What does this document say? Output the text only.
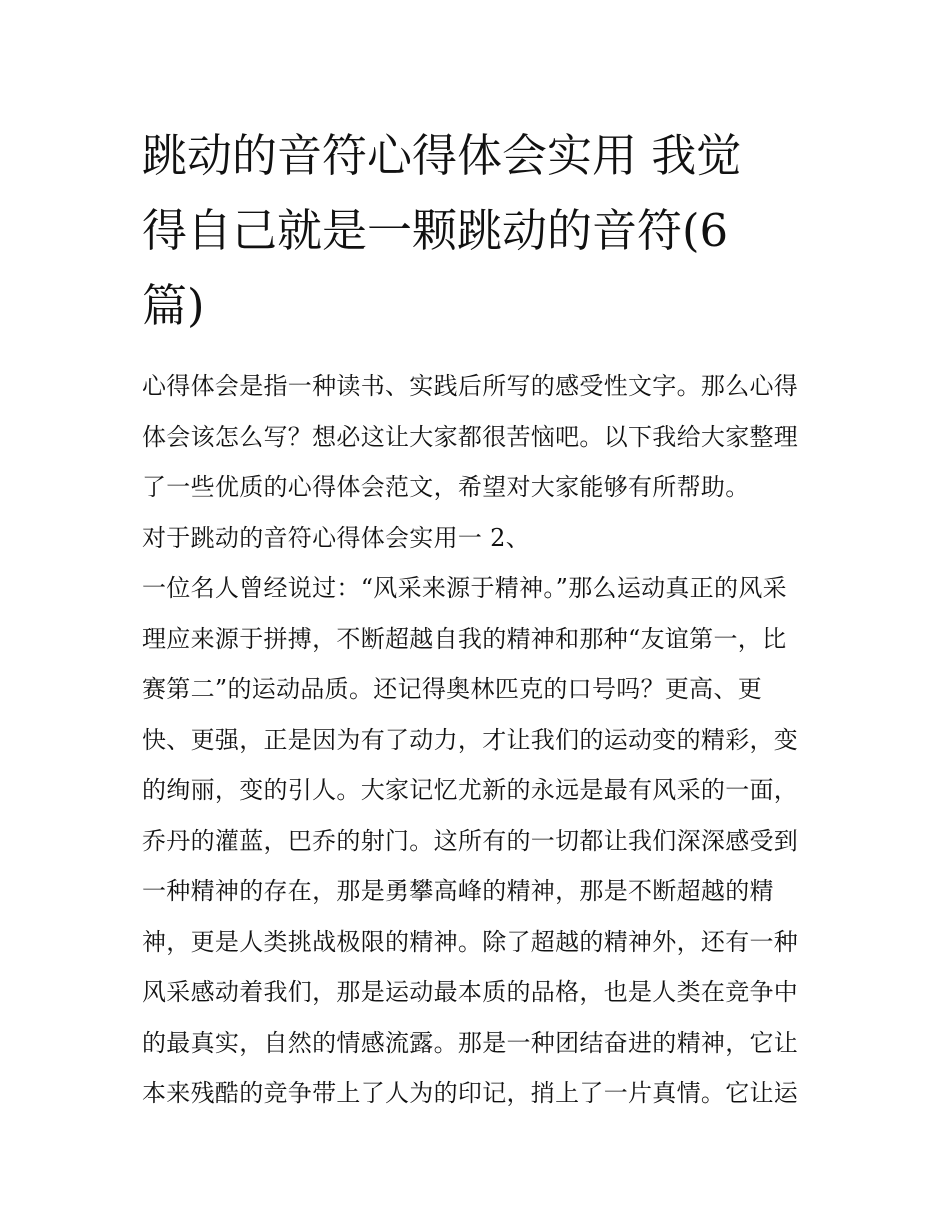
跳动的音符心得体会实用 我觉
得自己就是一颗跳动的音符(6
篇)
心得体会是指一种读书、实践后所写的感受性文字。那么心得
体会该怎么写？想必这让大家都很苦恼吧。以下我给大家整理
了一些优质的心得体会范文，希望对大家能够有所帮助。
对于跳动的音符心得体会实用一 2、
一位名人曾经说过：“风采来源于精神。”那么运动真正的风采
理应来源于拼搏，不断超越自我的精神和那种“友谊第一，比
赛第二”的运动品质。还记得奥林匹克的口号吗？更高、更
快、更强，正是因为有了动力，才让我们的运动变的精彩，变
的绚丽，变的引人。大家记忆尤新的永远是最有风采的一面，
乔丹的灌蓝，巴乔的射门。这所有的一切都让我们深深感受到
一种精神的存在，那是勇攀高峰的精神，那是不断超越的精
神，更是人类挑战极限的精神。除了超越的精神外，还有一种
风采感动着我们，那是运动最本质的品格，也是人类在竞争中
的最真实，自然的情感流露。那是一种团结奋进的精神，它让
本来残酷的竞争带上了人为的印记，捎上了一片真情。它让运
